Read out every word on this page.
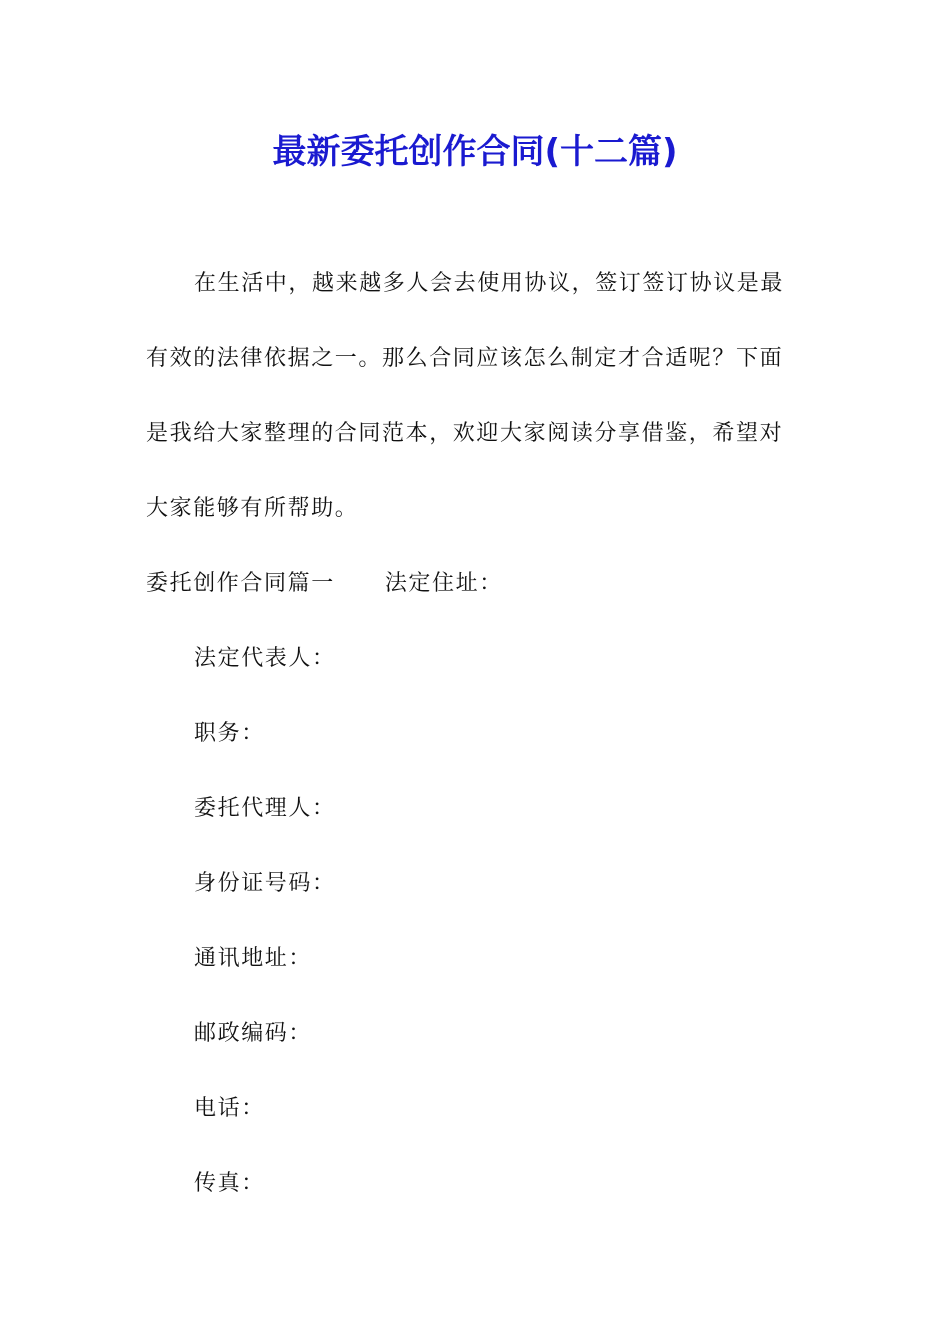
最新委托创作合同(十二篇)

在生活中，越来越多人会去使用协议，签订签订协议是最

有效的法律依据之一。那么合同应该怎么制定才合适呢？下面

是我给大家整理的合同范本，欢迎大家阅读分享借鉴，希望对

大家能够有所帮助。

委托创作合同篇一 法定住址：

法定代表人：

职务：

委托代理人：

身份证号码：

通讯地址：

邮政编码：

电话：

传真：
